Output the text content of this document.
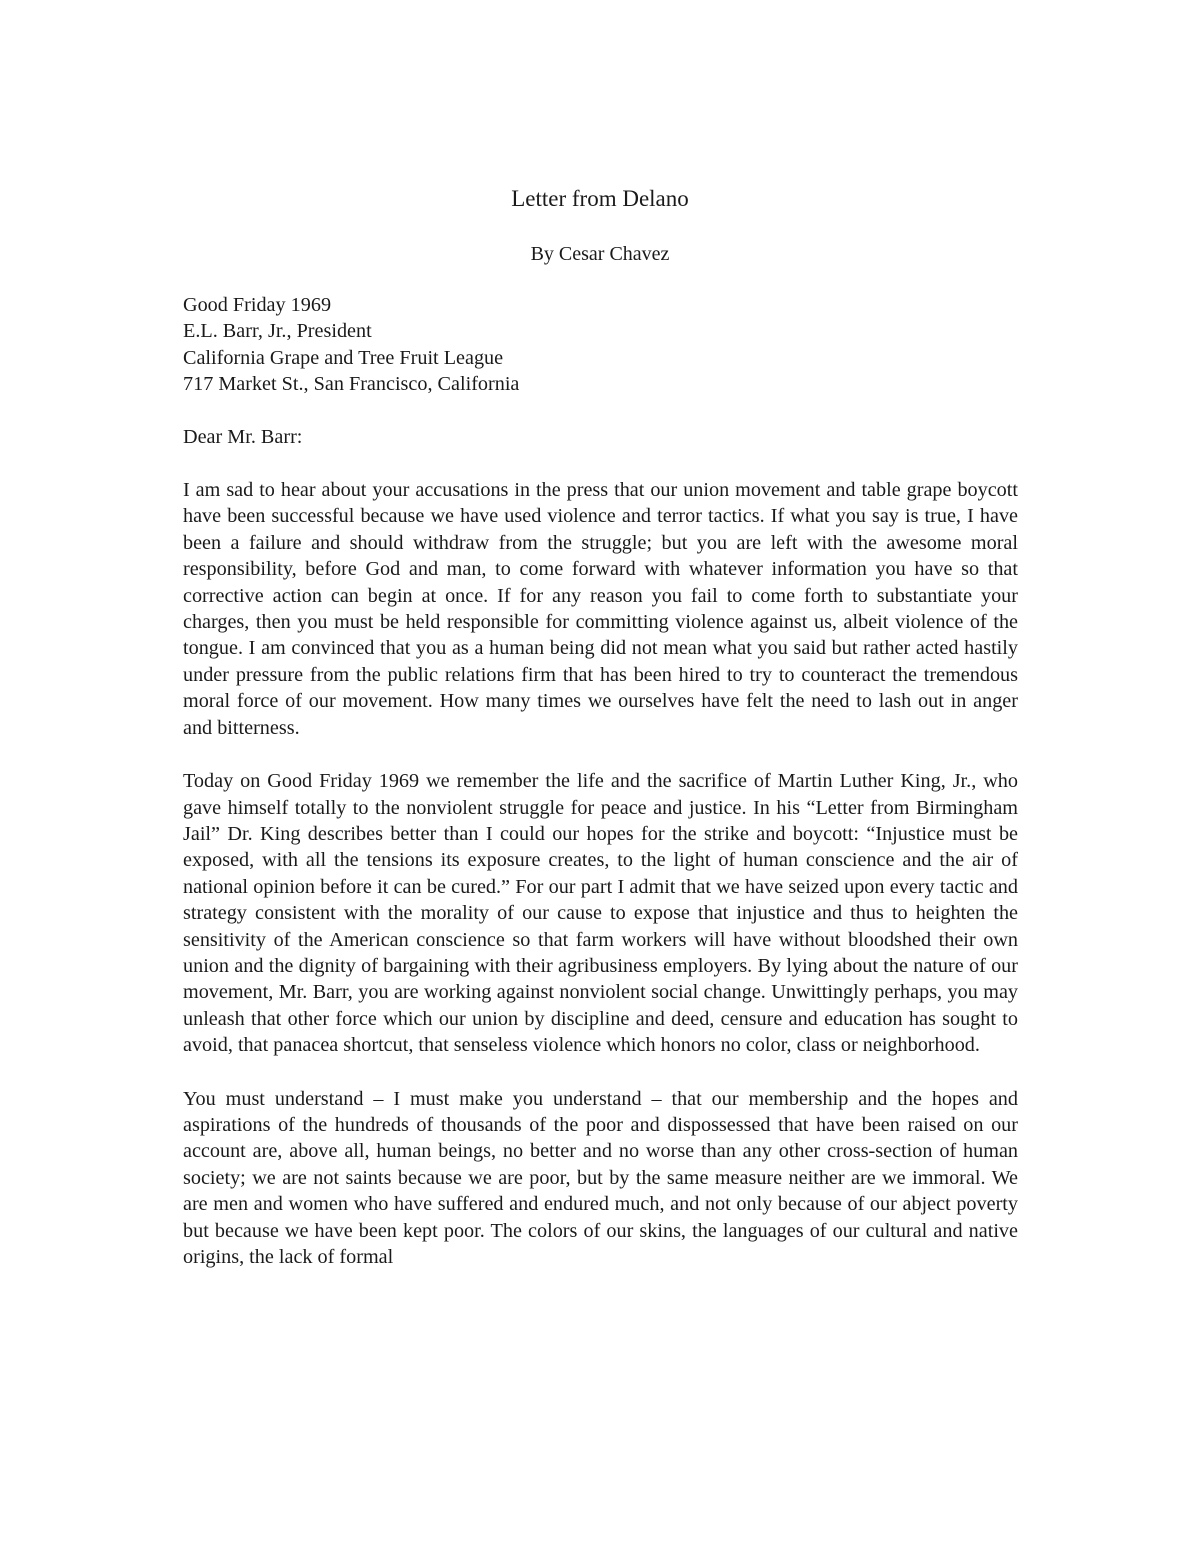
Letter from Delano

By Cesar Chavez

Good Friday 1969

E.L. Barr, Jr., President

California Grape and Tree Fruit League

717 Market St., San Francisco, California

Dear Mr. Barr:

I am sad to hear about your accusations in the press that our union movement and table grape boycott have been successful because we have used violence and terror tactics. If what you say is true, I have been a failure and should withdraw from the struggle; but you are left with the awesome moral responsibility, before God and man, to come forward with whatever information you have so that corrective action can begin at once. If for any reason you fail to come forth to substantiate your charges, then you must be held responsible for committing violence against us, albeit violence of the tongue. I am convinced that you as a human being did not mean what you said but rather acted hastily under pressure from the public relations firm that has been hired to try to counteract the tremendous moral force of our movement. How many times we ourselves have felt the need to lash out in anger and bitterness.

Today on Good Friday 1969 we remember the life and the sacrifice of Martin Luther King, Jr., who gave himself totally to the nonviolent struggle for peace and justice. In his “Letter from Birmingham Jail” Dr. King describes better than I could our hopes for the strike and boycott: “Injustice must be exposed, with all the tensions its exposure creates, to the light of human conscience and the air of national opinion before it can be cured.” For our part I admit that we have seized upon every tactic and strategy consistent with the morality of our cause to expose that injustice and thus to heighten the sensitivity of the American conscience so that farm workers will have without bloodshed their own union and the dignity of bargaining with their agribusiness employers. By lying about the nature of our movement, Mr. Barr, you are working against nonviolent social change. Unwittingly perhaps, you may unleash that other force which our union by discipline and deed, censure and education has sought to avoid, that panacea shortcut, that senseless violence which honors no color, class or neighborhood.

You must understand – I must make you understand – that our membership and the hopes and aspirations of the hundreds of thousands of the poor and dispossessed that have been raised on our account are, above all, human beings, no better and no worse than any other cross-section of human society; we are not saints because we are poor, but by the same measure neither are we immoral. We are men and women who have suffered and endured much, and not only because of our abject poverty but because we have been kept poor. The colors of our skins, the languages of our cultural and native origins, the lack of formal
